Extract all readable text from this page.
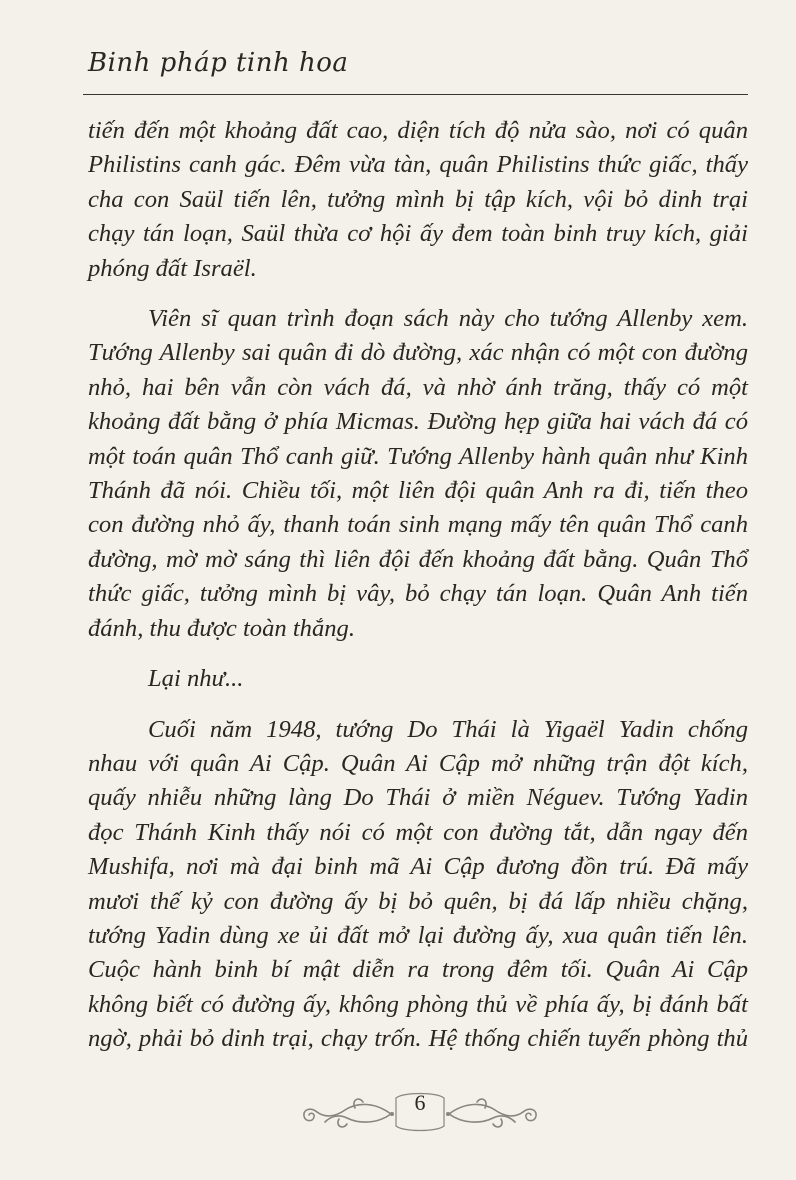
Binh pháp tinh hoa

tiến đến một khoảng đất cao, diện tích độ nửa sào, nơi có quân
Philistins canh gác. Đêm vừa tàn, quân Philistins thức giấc, thấy
cha con Saül tiến lên, tưởng mình bị tập kích, vội bỏ dinh trại
chạy tán loạn, Saül thừa cơ hội ấy đem toàn binh truy kích, giải
phóng đất Israël.

Viên sĩ quan trình đoạn sách này cho tướng Allenby xem.
Tướng Allenby sai quân đi dò đường, xác nhận có một con đường
nhỏ, hai bên vẫn còn vách đá, và nhờ ánh trăng, thấy có một
khoảng đất bằng ở phía Micmas. Đường hẹp giữa hai vách đá có
một toán quân Thổ canh giữ. Tướng Allenby hành quân như Kinh
Thánh đã nói. Chiều tối, một liên đội quân Anh ra đi, tiến theo
con đường nhỏ ấy, thanh toán sinh mạng mấy tên quân Thổ canh
đường, mờ mờ sáng thì liên đội đến khoảng đất bằng. Quân Thổ
thức giấc, tưởng mình bị vây, bỏ chạy tán loạn. Quân Anh tiến
đánh, thu được toàn thắng.

Lại như...

Cuối năm 1948, tướng Do Thái là Yigaël Yadin chống
nhau với quân Ai Cập. Quân Ai Cập mở những trận đột kích,
quấy nhiễu những làng Do Thái ở miền Néguev. Tướng Yadin
đọc Thánh Kinh thấy nói có một con đường tắt, dẫn ngay đến
Mushifa, nơi mà đại binh mã Ai Cập đương đồn trú. Đã mấy
mươi thế kỷ con đường ấy bị bỏ quên, bị đá lấp nhiều chặng,
tướng Yadin dùng xe ủi đất mở lại đường ấy, xua quân tiến lên.
Cuộc hành binh bí mật diễn ra trong đêm tối. Quân Ai Cập
không biết có đường ấy, không phòng thủ về phía ấy, bị đánh bất
ngờ, phải bỏ dinh trại, chạy trốn. Hệ thống chiến tuyến phòng thủ

6
